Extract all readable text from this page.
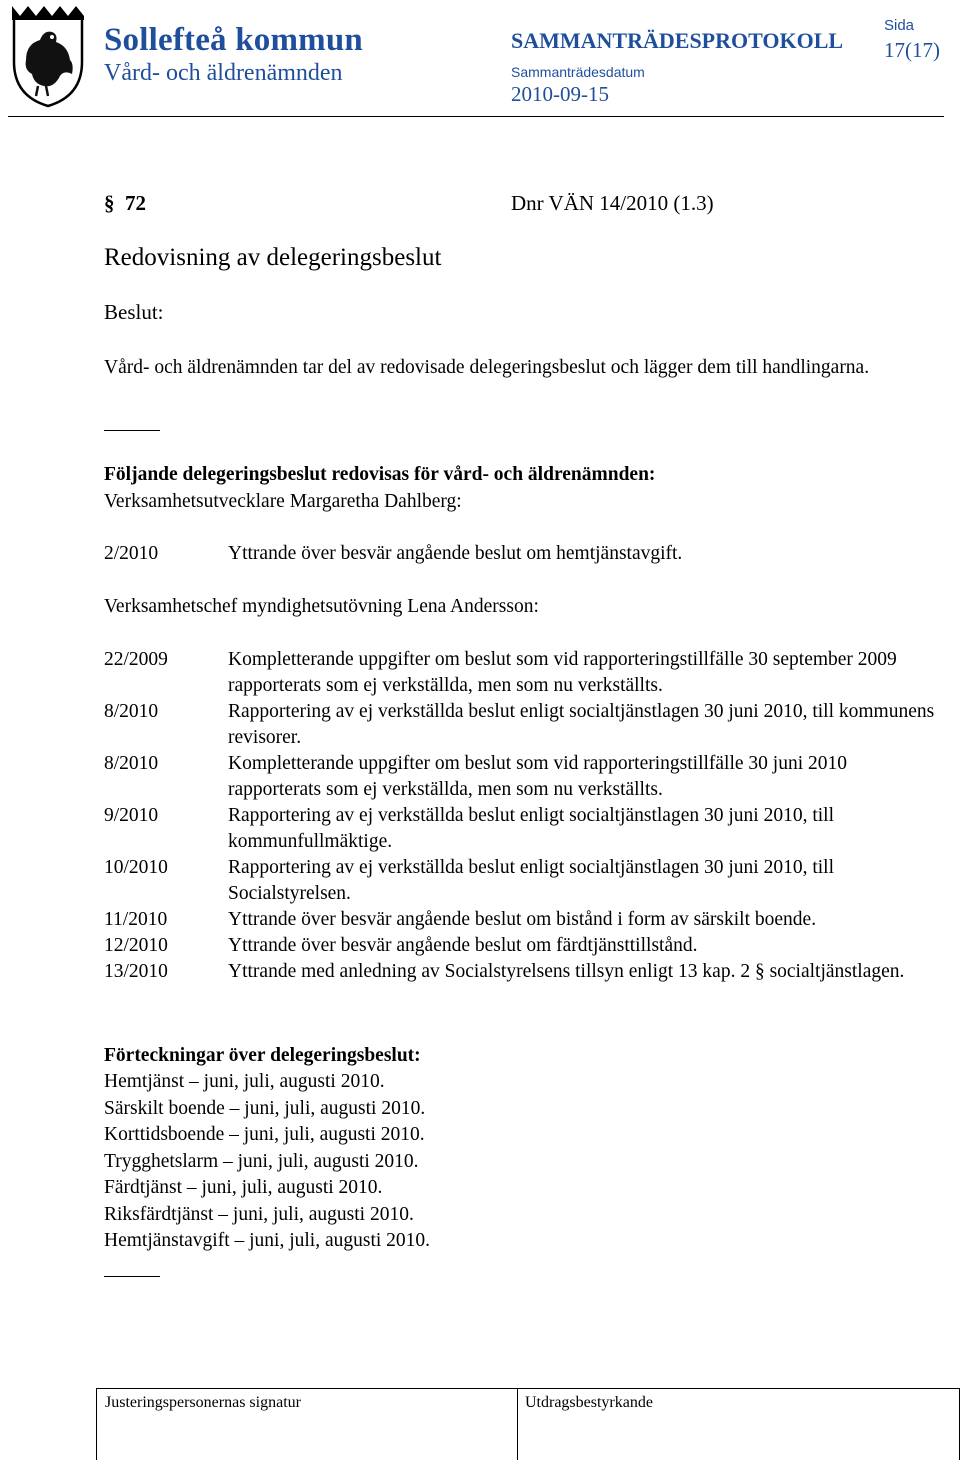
Sollefteå kommun
Vård- och äldrenämnden
SAMMANTRÄDESPROTOKOLL
Sammanträdesdatum
2010-09-15
Sida
17(17)
§ 72	Dnr VÄN 14/2010 (1.3)
Redovisning av delegeringsbeslut
Beslut:
Vård- och äldrenämnden tar del av redovisade delegeringsbeslut och lägger dem till handlingarna.
Följande delegeringsbeslut redovisas för vård- och äldrenämnden:
Verksamhetsutvecklare Margaretha Dahlberg:
2/2010	Yttrande över besvär angående beslut om hemtjänstavgift.
Verksamhetschef myndighetsutövning Lena Andersson:
22/2009	Kompletterande uppgifter om beslut som vid rapporteringstillfälle 30 september 2009 rapporterats som ej verkställda, men som nu verkställts.
8/2010	Rapportering av ej verkställda beslut enligt socialtjänstlagen 30 juni 2010, till kommunens revisorer.
8/2010	Kompletterande uppgifter om beslut som vid rapporteringstillfälle 30 juni 2010 rapporterats som ej verkställda, men som nu verkställts.
9/2010	Rapportering av ej verkställda beslut enligt socialtjänstlagen 30 juni 2010, till kommunfullmäktige.
10/2010	Rapportering av ej verkställda beslut enligt socialtjänstlagen 30 juni 2010, till Socialstyrelsen.
11/2010	Yttrande över besvär angående beslut om bistånd i form av särskilt boende.
12/2010	Yttrande över besvär angående beslut om färdtjänsttillstånd.
13/2010	Yttrande med anledning av Socialstyrelsens tillsyn enligt 13 kap. 2 § socialtjänstlagen.
Förteckningar över delegeringsbeslut:
Hemtjänst – juni, juli, augusti 2010.
Särskilt boende – juni, juli, augusti 2010.
Korttidsboende – juni, juli, augusti 2010.
Trygghetslarm – juni, juli, augusti 2010.
Färdtjänst – juni, juli, augusti 2010.
Riksfärdtjänst – juni, juli, augusti 2010.
Hemtjänstavgift – juni, juli, augusti 2010.
Justeringspersonernas signatur	Utdragsbestyrkande
